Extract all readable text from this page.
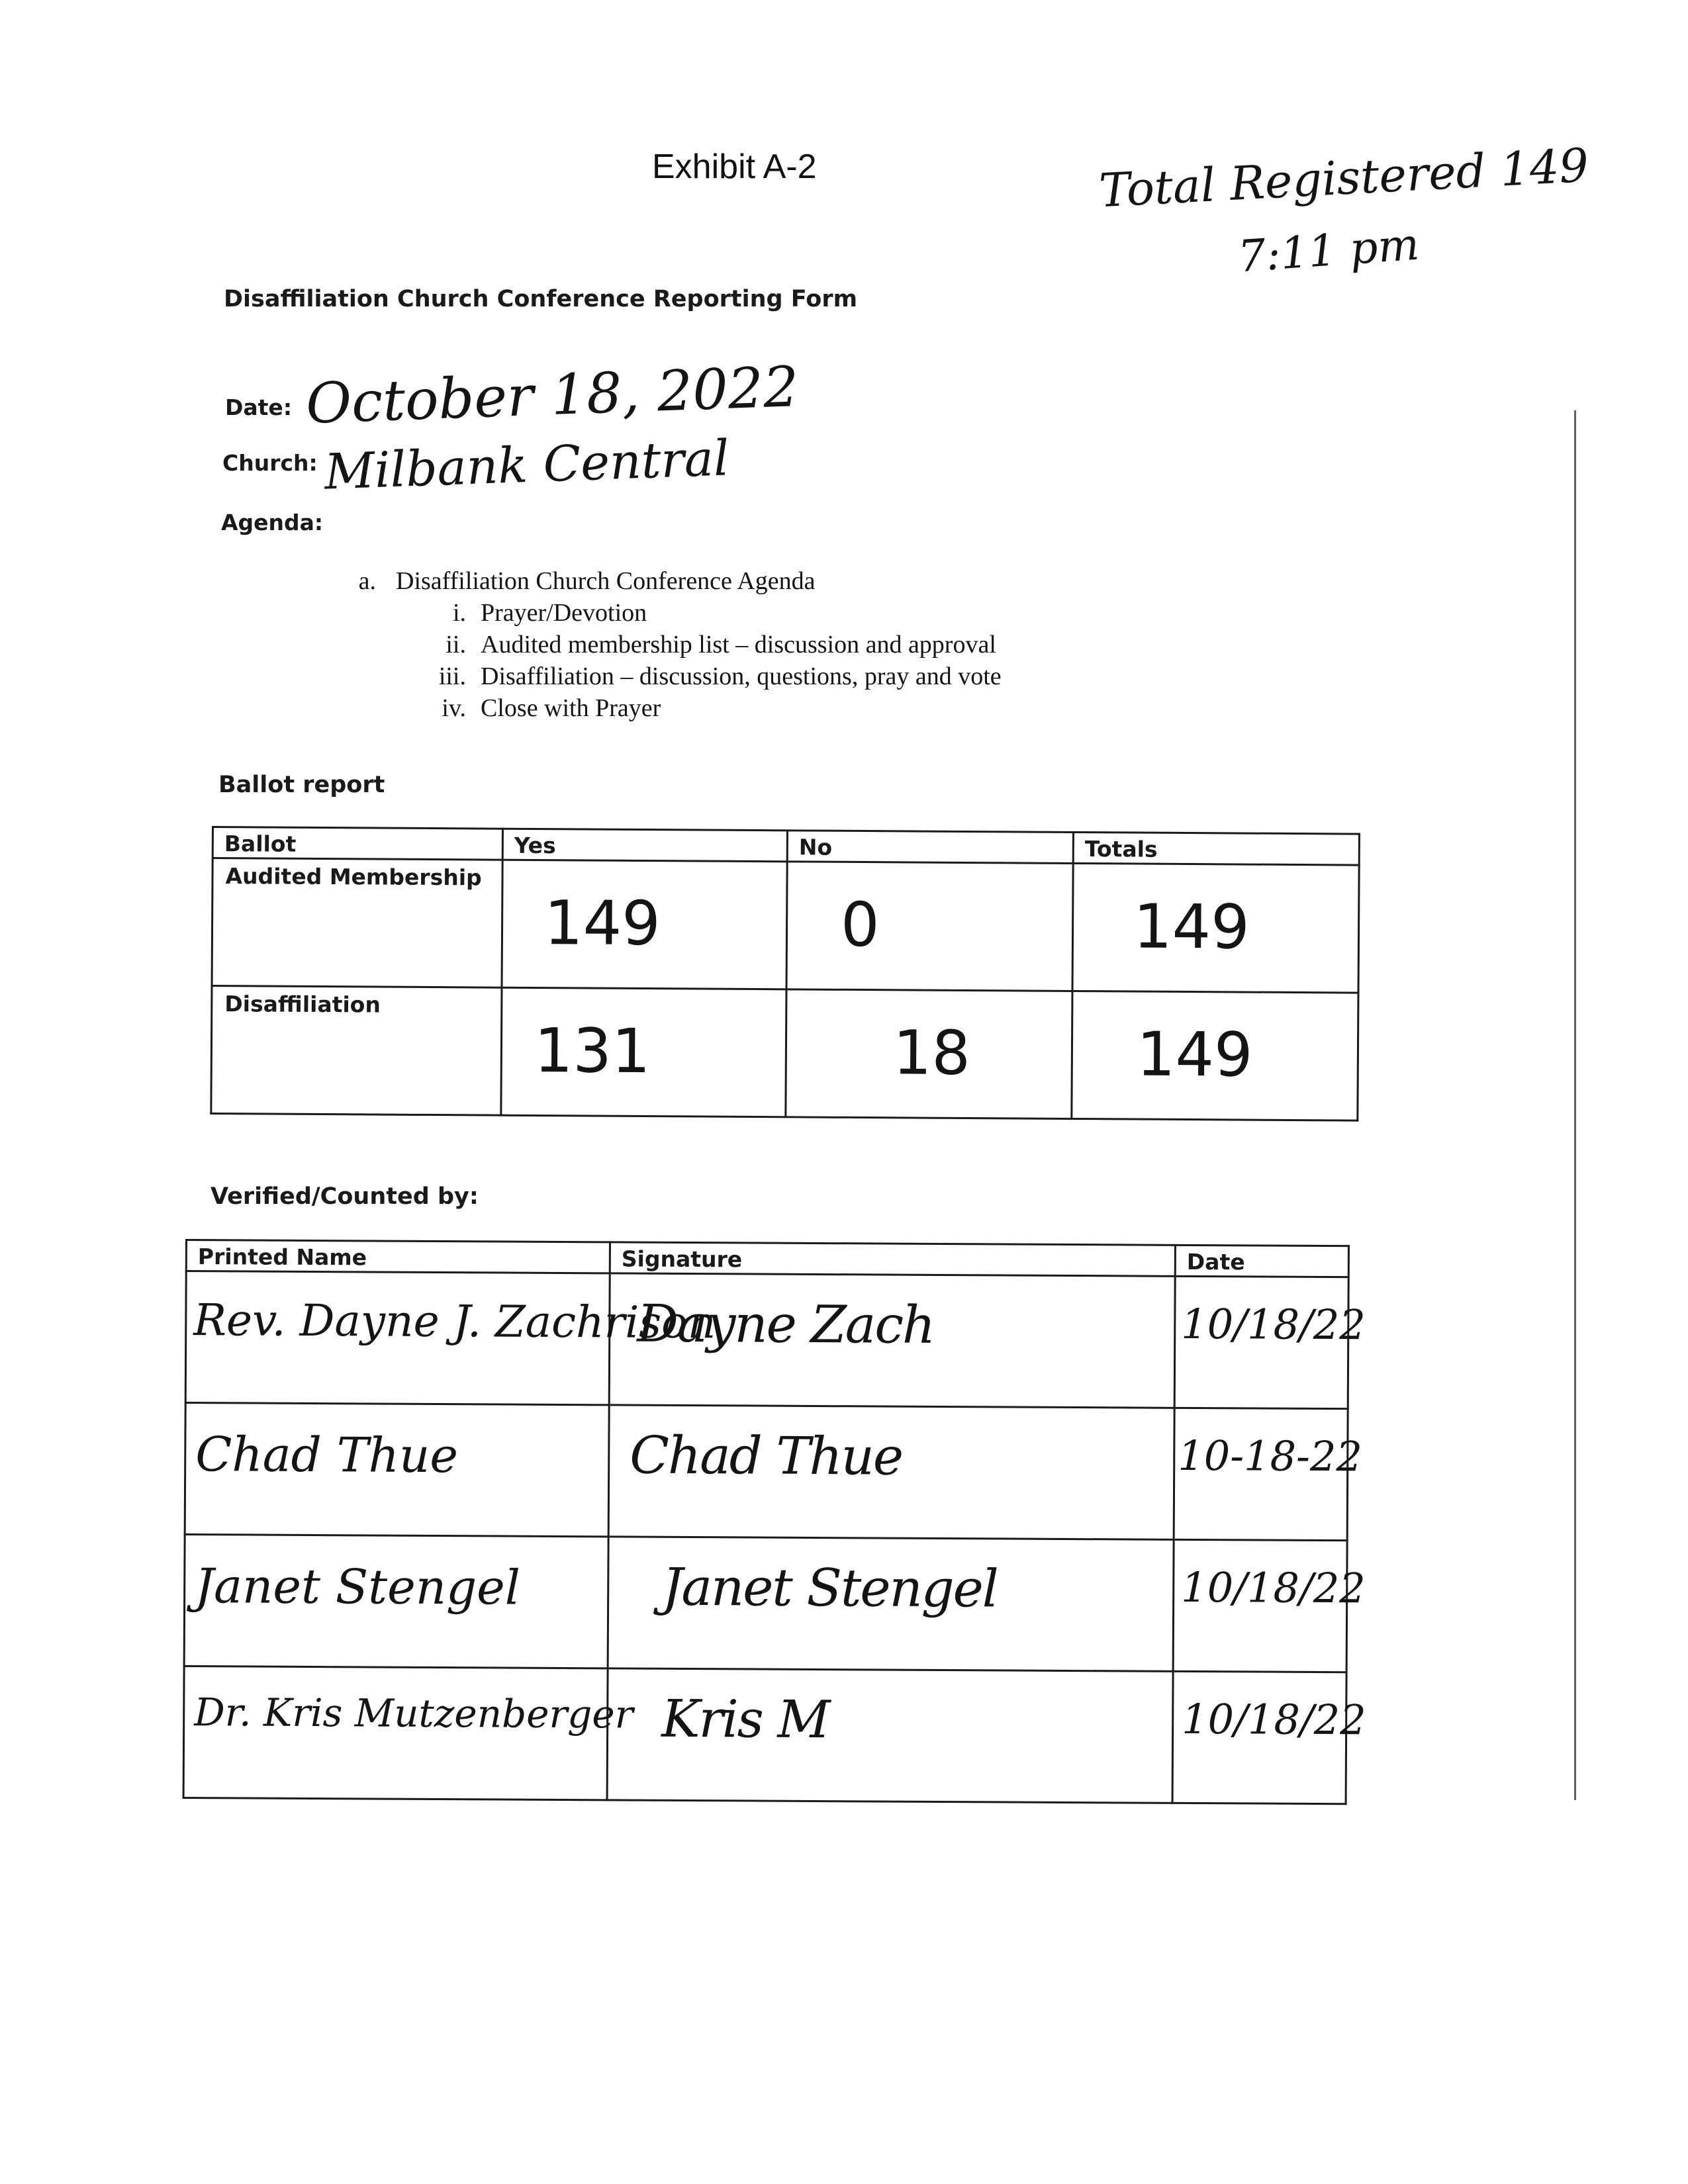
Exhibit A-2	Total Registered 149
7:11 pm
Disaffiliation Church Conference Reporting Form
Date: October 18, 2022
Church: Milbank Central
Agenda:
a. Disaffiliation Church Conference Agenda
i. Prayer/Devotion
ii. Audited membership list – discussion and approval
iii. Disaffiliation – discussion, questions, pray and vote
iv. Close with Prayer
Ballot report
Ballot	Yes	No	Totals

Audited Membership	149	0	149

Disaffiliation	131	18	149
Verified/Counted by:
Printed Name	Signature	Date

Rev. Dayne J. Zachrison	Dayne Zach	10/18/22

Chad Thue	Chad Thue	10-18-22

Janet Stengel	Janet Stengel	10/18/22

Dr. Kris Mutzenberger	Kris M	10/18/22
